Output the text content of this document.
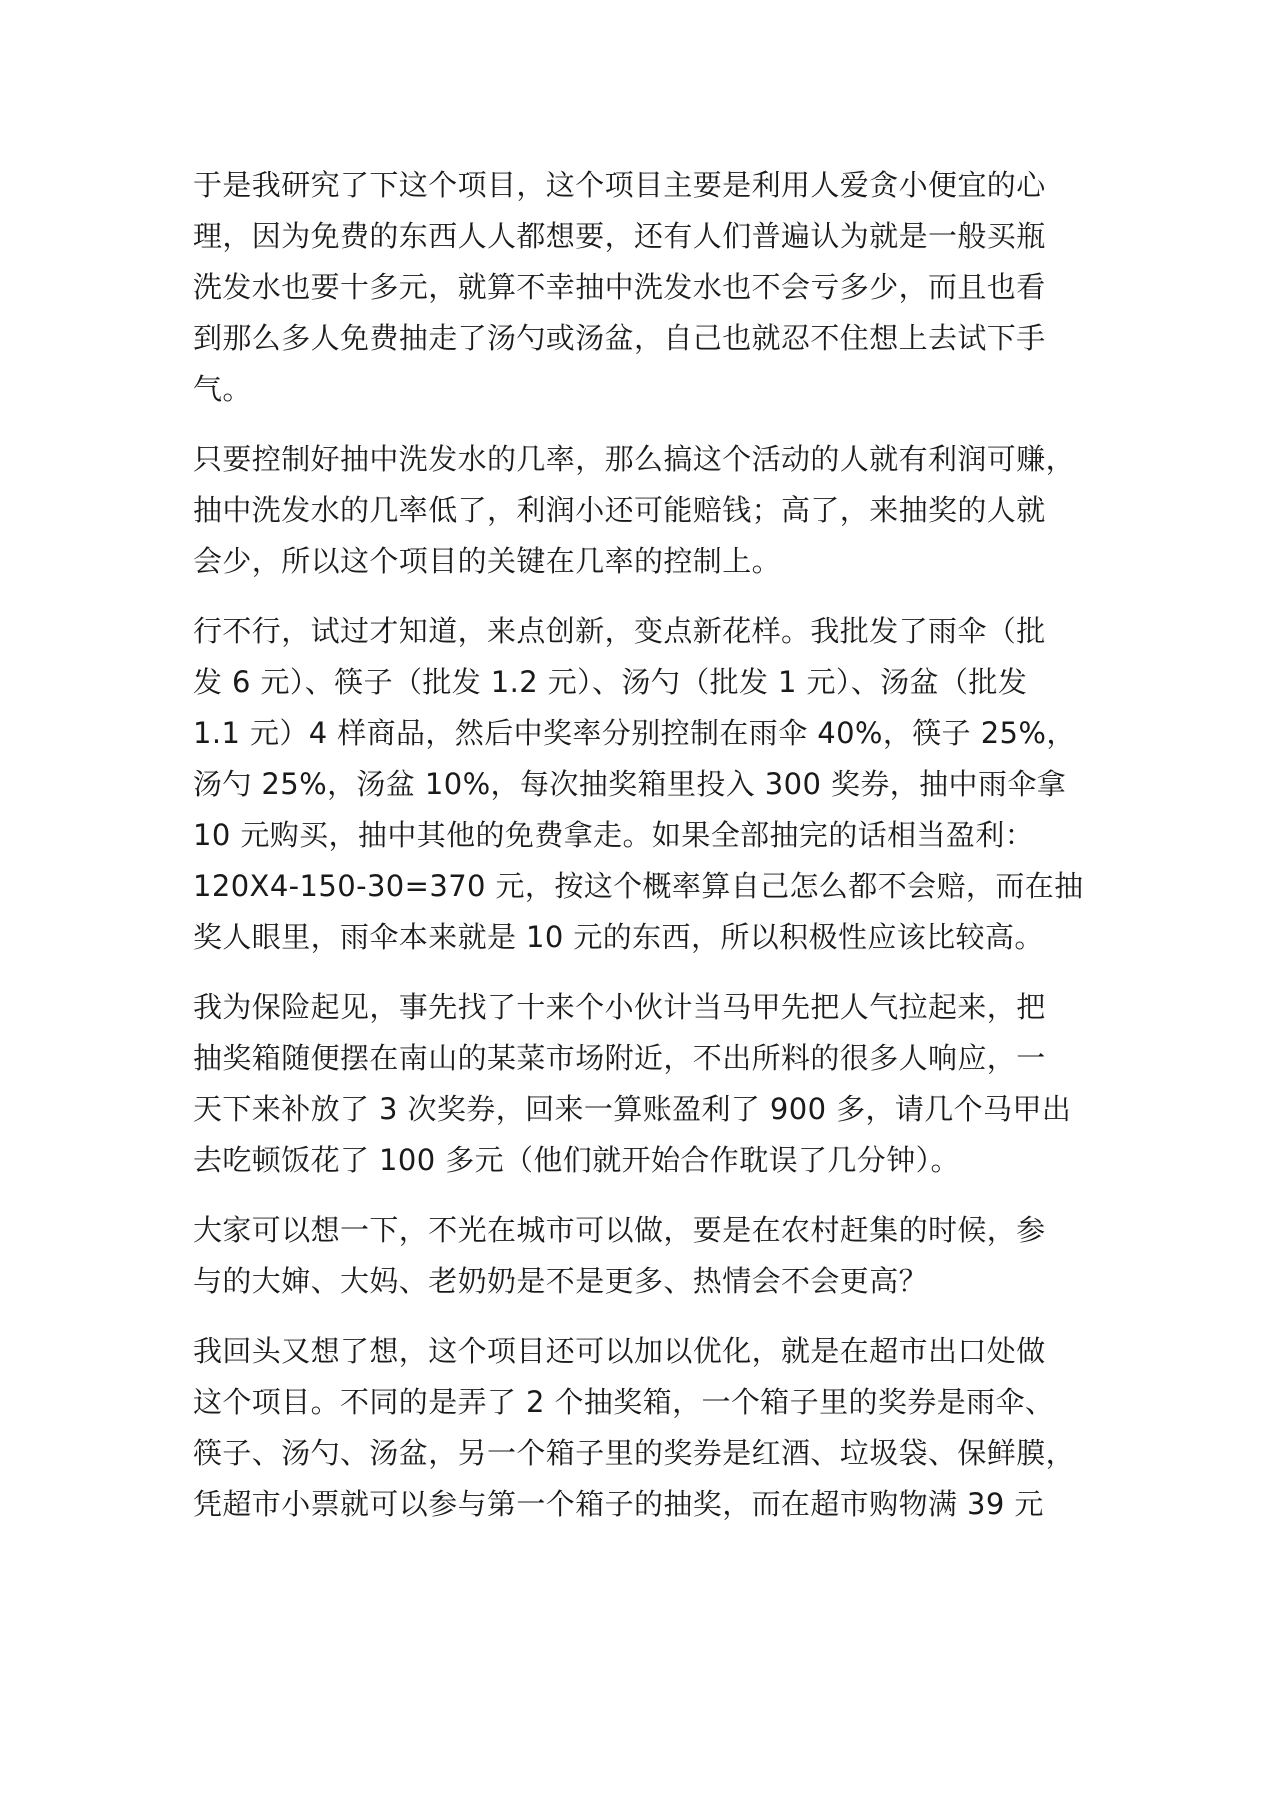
于是我研究了下这个项目，这个项目主要是利用人爱贪小便宜的心
理，因为免费的东西人人都想要，还有人们普遍认为就是一般买瓶
洗发水也要十多元，就算不幸抽中洗发水也不会亏多少，而且也看
到那么多人免费抽走了汤勺或汤盆，自己也就忍不住想上去试下手
气。

只要控制好抽中洗发水的几率，那么搞这个活动的人就有利润可赚，
抽中洗发水的几率低了，利润小还可能赔钱；高了，来抽奖的人就
会少，所以这个项目的关键在几率的控制上。

行不行，试过才知道，来点创新，变点新花样。我批发了雨伞（批
发 6 元）、筷子（批发 1.2 元）、汤勺（批发 1 元）、汤盆（批发
1.1 元）4 样商品，然后中奖率分别控制在雨伞 40%，筷子 25%，
汤勺 25%，汤盆 10%，每次抽奖箱里投入 300 奖券，抽中雨伞拿
10 元购买，抽中其他的免费拿走。如果全部抽完的话相当盈利：
120X4-150-30=370 元，按这个概率算自己怎么都不会赔，而在抽
奖人眼里，雨伞本来就是 10 元的东西，所以积极性应该比较高。

我为保险起见，事先找了十来个小伙计当马甲先把人气拉起来，把
抽奖箱随便摆在南山的某菜市场附近，不出所料的很多人响应，一
天下来补放了 3 次奖券，回来一算账盈利了 900 多，请几个马甲出
去吃顿饭花了 100 多元（他们就开始合作耽误了几分钟）。

大家可以想一下，不光在城市可以做，要是在农村赶集的时候，参
与的大婶、大妈、老奶奶是不是更多、热情会不会更高？

我回头又想了想，这个项目还可以加以优化，就是在超市出口处做
这个项目。不同的是弄了 2 个抽奖箱，一个箱子里的奖券是雨伞、
筷子、汤勺、汤盆，另一个箱子里的奖券是红酒、垃圾袋、保鲜膜，
凭超市小票就可以参与第一个箱子的抽奖，而在超市购物满 39 元
